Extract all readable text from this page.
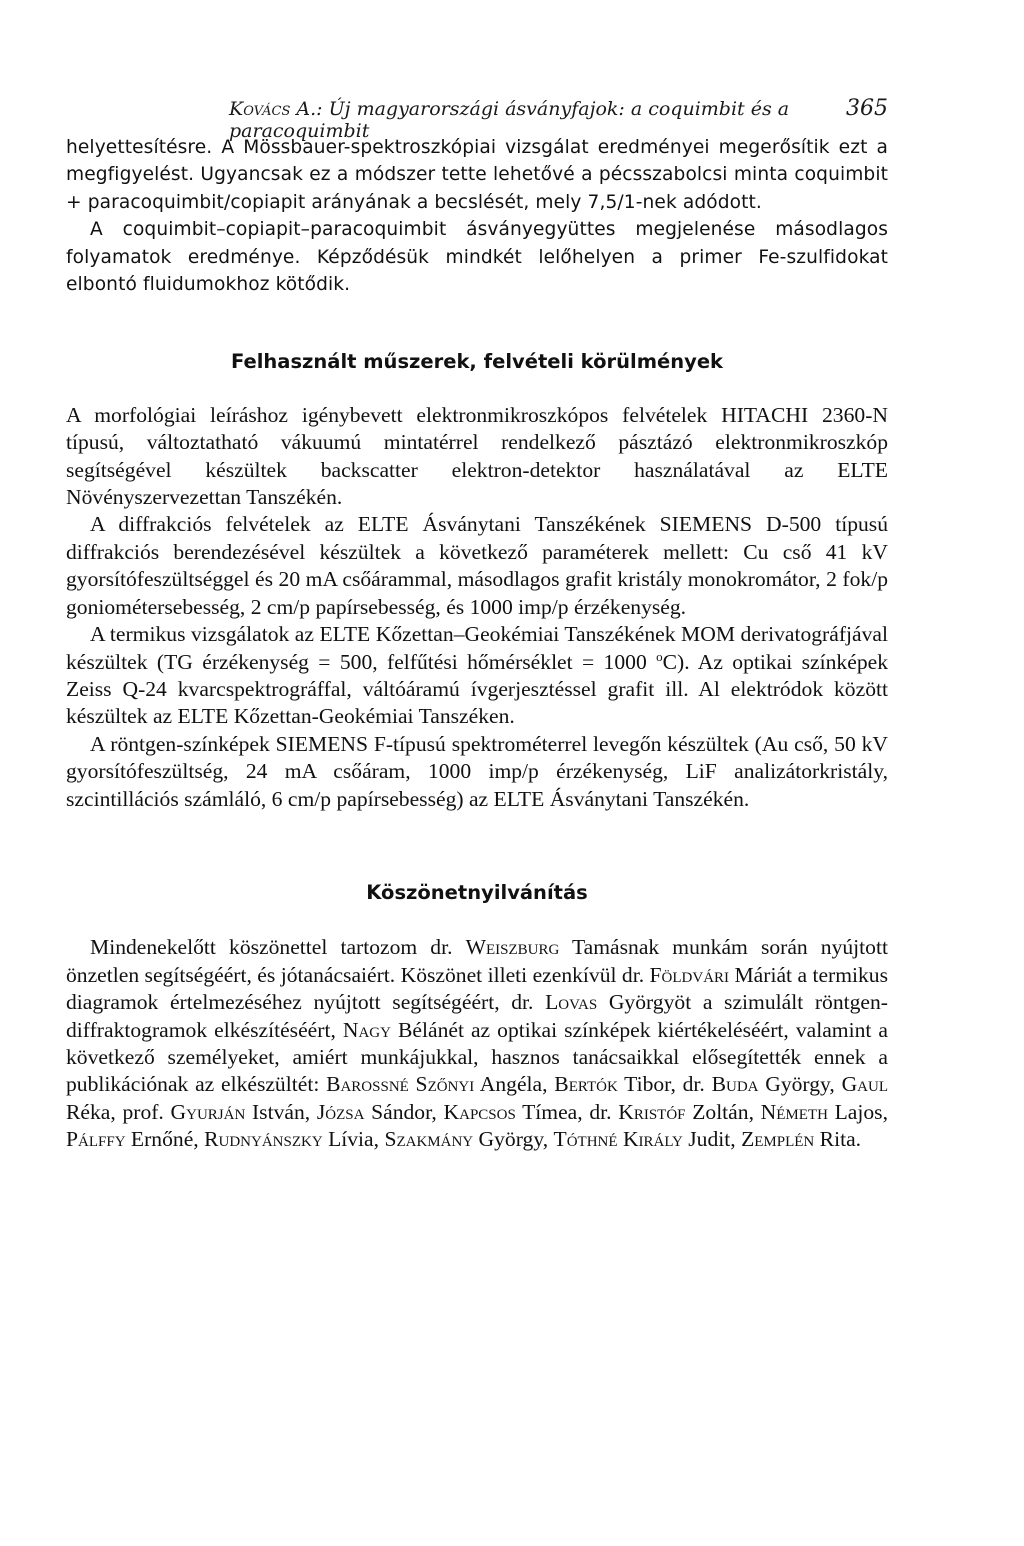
Kovács A.: Új magyarországi ásványfajok: a coquimbit és a paracoquimbit
365

helyettesítésre. A Mössbauer-spektroszkópiai vizsgálat eredményei megerősítik ezt a megfigyelést. Ugyancsak ez a módszer tette lehetővé a pécsszabolcsi minta coquimbit + paracoquimbit/copiapit arányának a becslését, mely 7,5/1-nek adódott.

A coquimbit–copiapit–paracoquimbit ásványegyüttes megjelenése másodlagos folyamatok eredménye. Képződésük mindkét lelőhelyen a primer Fe-szulfidokat elbontó fluidumokhoz kötődik.

Felhasznált műszerek, felvételi körülmények

A morfológiai leíráshoz igénybevett elektronmikroszkópos felvételek HITACHI 2360-N típusú, változtatható vákuumú mintatérrel rendelkező pásztázó elektronmikroszkóp segítségével készültek backscatter elektron-detektor használatával az ELTE Növényszervezettan Tanszékén.

A diffrakciós felvételek az ELTE Ásványtani Tanszékének SIEMENS D-500 típusú diffrakciós berendezésével készültek a következő paraméterek mellett: Cu cső 41 kV gyorsítófeszültséggel és 20 mA csőárammal, másodlagos grafit kristály monokromátor, 2 fok/p goniométersebesség, 2 cm/p papírsebesség, és 1000 imp/p érzékenység.

A termikus vizsgálatok az ELTE Kőzettan–Geokémiai Tanszékének MOM derivatográfjával készültek (TG érzékenység = 500, felfűtési hőmérséklet = 1000 $^o$C). Az optikai színképek Zeiss Q-24 kvarcspektrográffal, váltóáramú ívgerjesztéssel grafit ill. Al elektródok között készültek az ELTE Kőzettan-Geokémiai Tanszéken.

A röntgen-színképek SIEMENS F-típusú spektrométerrel levegőn készültek (Au cső, 50 kV gyorsítófeszültség, 24 mA csőáram, 1000 imp/p érzékenység, LiF analizátorkristály, szcintillációs számláló, 6 cm/p papírsebesség) az ELTE Ásványtani Tanszékén.

Köszönetnyilvánítás

Mindenekelőtt köszönettel tartozom dr. Weiszburg Tamásnak munkám során nyújtott önzetlen segítségéért, és jótanácsaiért. Köszönet illeti ezenkívül dr. Földvári Máriát a termikus diagramok értelmezéséhez nyújtott segítségéért, dr. Lovas Györgyöt a szimulált röntgen-diffraktogramok elkészítéséért, Nagy Bélánét az optikai színképek kiértékeléséért, valamint a következő személyeket, amiért munkájukkal, hasznos tanácsaikkal elősegítették ennek a publikációnak az elkészültét: Barossné Szőnyi Angéla, Bertók Tibor, dr. Buda György, Gaul Réka, prof. Gyurján István, Józsa Sándor, Kapcsos Tímea, dr. Kristóf Zoltán, Németh Lajos, Pálffy Ernőné, Rudnyánszky Lívia, Szakmány György, Tóthné Király Judit, Zemplén Rita.
